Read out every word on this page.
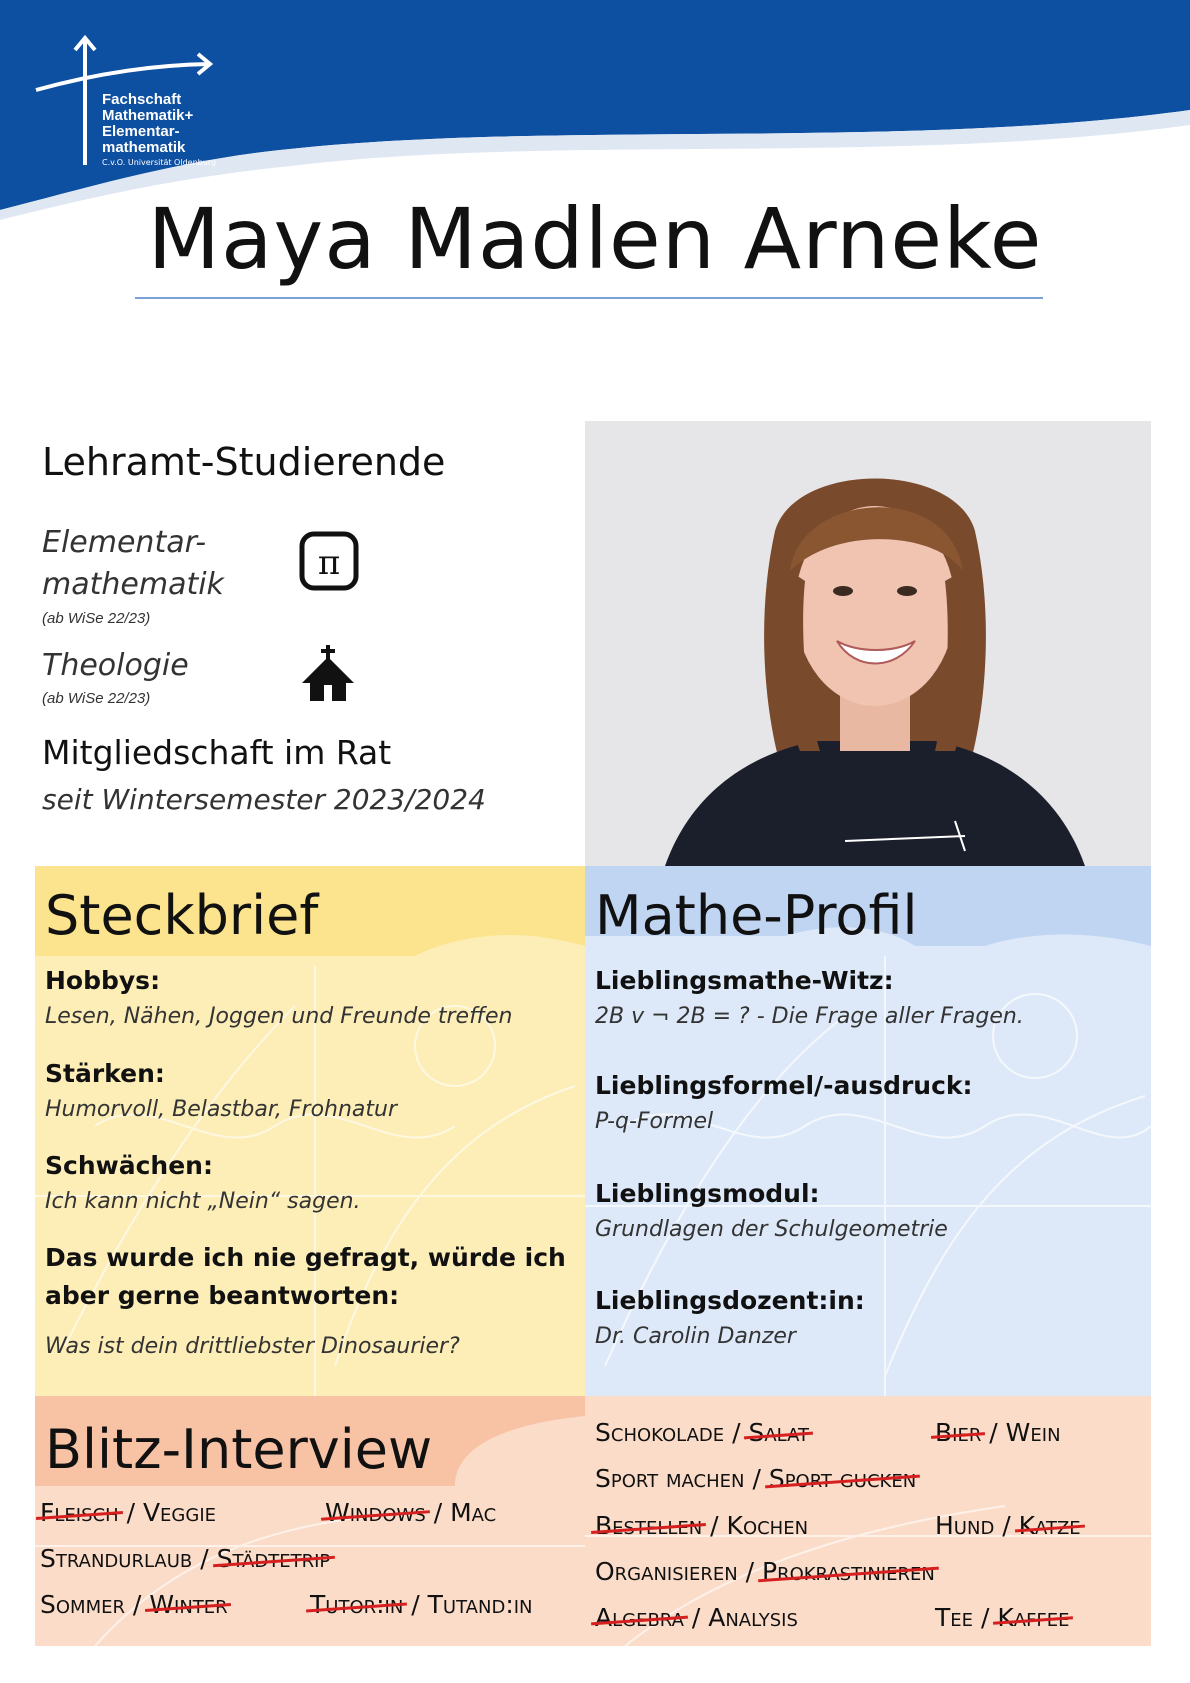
Fachschaft
Mathematik+
Elementar-
mathematik
C.v.O. Universität Oldenburg
Maya Madlen Arneke
Lehramt-Studierende
Elementar-
mathematik
(ab WiSe 22/23)
π
Theologie
(ab WiSe 22/23)
Mitgliedschaft im Rat
seit Wintersemester 2023/2024
Steckbrief
Hobbys:
Lesen, Nähen, Joggen und Freunde treffen
Stärken:
Humorvoll, Belastbar, Frohnatur
Schwächen:
Ich kann nicht „Nein“ sagen.
Das wurde ich nie gefragt, würde ich
aber gerne beantworten:
Was ist dein drittliebster Dinosaurier?
Mathe-Profil
Lieblingsmathe-Witz:
2B v ¬ 2B = ? - Die Frage aller Fragen.
Lieblingsformel/-ausdruck:
P-q-Formel
Lieblingsmodul:
Grundlagen der Schulgeometrie
Lieblingsdozent:in:
Dr. Carolin Danzer
Blitz-Interview
Fleisch / Veggie	Windows / Mac
Strandurlaub / Städtetrip
Sommer / Winter	Tutor:in / Tutand:in
Schokolade / Salat	Bier / Wein
Sport machen / Sport gucken
Bestellen / Kochen	Hund / Katze
Organisieren / Prokrastinieren
Algebra / Analysis	Tee / Kaffee
